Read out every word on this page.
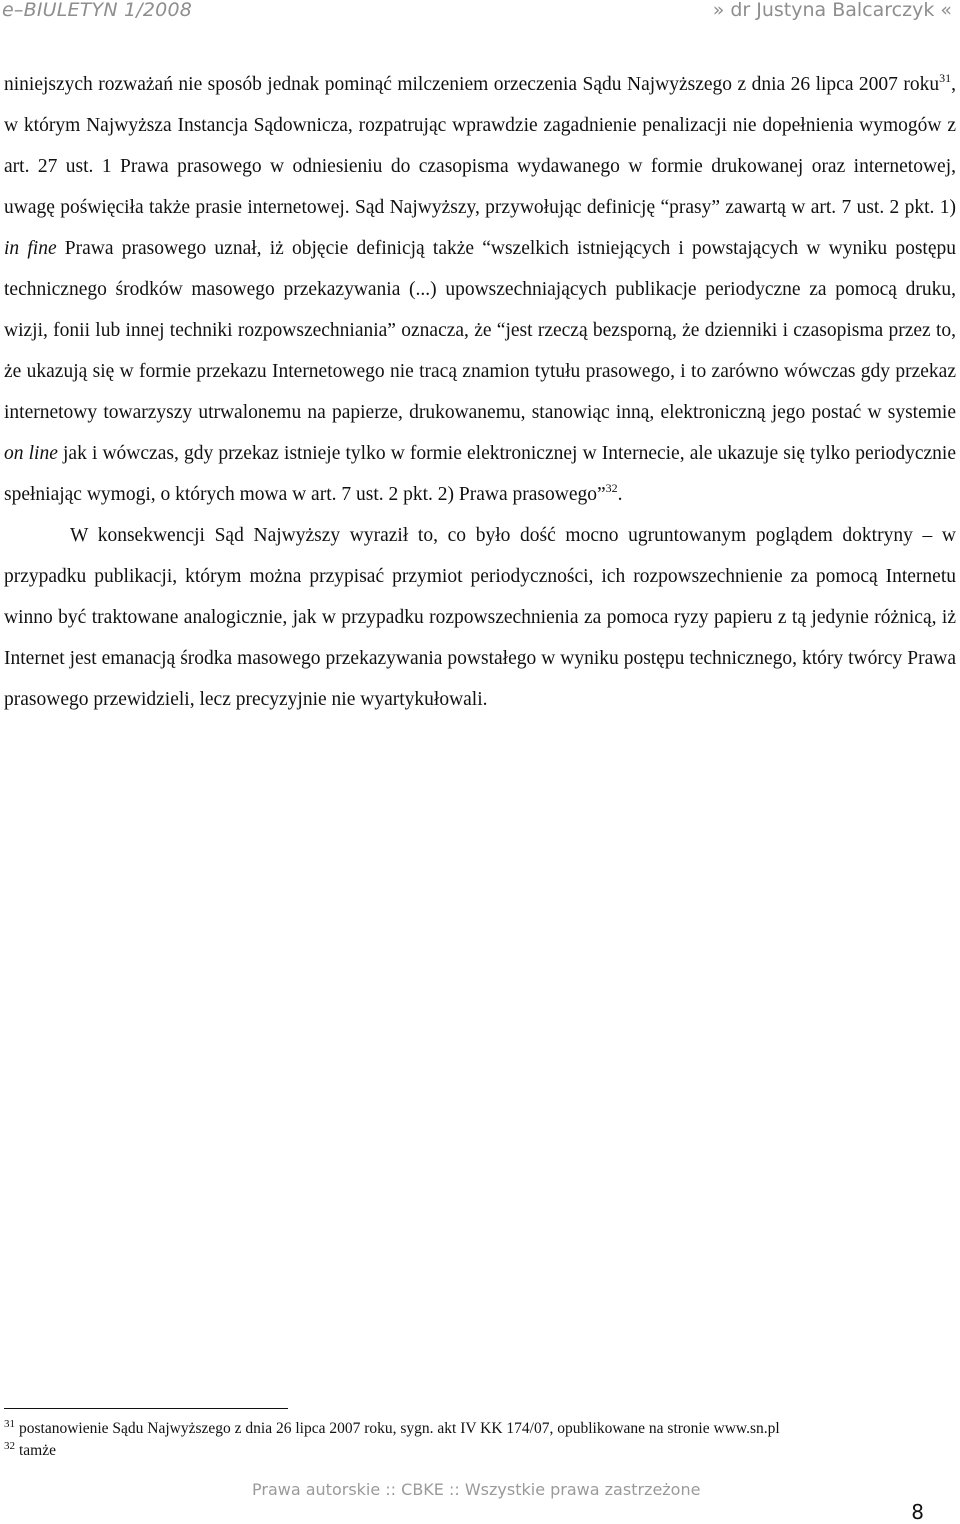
e–BIULETYN 1/2008	» dr Justyna Balcarczyk «

niniejszych rozważań nie sposób jednak pominąć milczeniem orzeczenia Sądu Najwyższego z dnia 26 lipca 2007 roku$^{31}$, w którym Najwyższa Instancja Sądownicza, rozpatrując wprawdzie zagadnienie penalizacji nie dopełnienia wymogów z art. 27 ust. 1 Prawa prasowego w odniesieniu do czasopisma wydawanego w formie drukowanej oraz internetowej, uwagę poświęciła także prasie internetowej. Sąd Najwyższy, przywołując definicję “prasy” zawartą w art. 7 ust. 2 pkt. 1) in fine Prawa prasowego uznał, iż objęcie definicją także “wszelkich istniejących i powstających w wyniku postępu technicznego środków masowego przekazywania (...) upowszechniających publikacje periodyczne za pomocą druku, wizji, fonii lub innej techniki rozpowszechniania” oznacza, że “jest rzeczą bezsporną, że dzienniki i czasopisma przez to, że ukazują się w formie przekazu Internetowego nie tracą znamion tytułu prasowego, i to zarówno wówczas gdy przekaz internetowy towarzyszy utrwalonemu na papierze, drukowanemu, stanowiąc inną, elektroniczną jego postać w systemie on line jak i wówczas, gdy przekaz istnieje tylko w formie elektronicznej w Internecie, ale ukazuje się tylko periodycznie spełniając wymogi, o których mowa w art. 7 ust. 2 pkt. 2) Prawa prasowego”$^{32}$.

W konsekwencji Sąd Najwyższy wyraził to, co było dość mocno ugruntowanym poglądem doktryny – w przypadku publikacji, którym można przypisać przymiot periodyczności, ich rozpowszechnienie za pomocą Internetu winno być traktowane analogicznie, jak w przypadku rozpowszechnienia za pomoca ryzy papieru z tą jedynie różnicą, iż Internet jest emanacją środka masowego przekazywania powstałego w wyniku postępu technicznego, który twórcy Prawa prasowego przewidzieli, lecz precyzyjnie nie wyartykułowali.

$^{31}$ postanowienie Sądu Najwyższego z dnia 26 lipca 2007 roku, sygn. akt IV KK 174/07, opublikowane na stronie www.sn.pl
$^{32}$ tamże
Prawa autorskie :: CBKE :: Wszystkie prawa zastrzeżone
8
